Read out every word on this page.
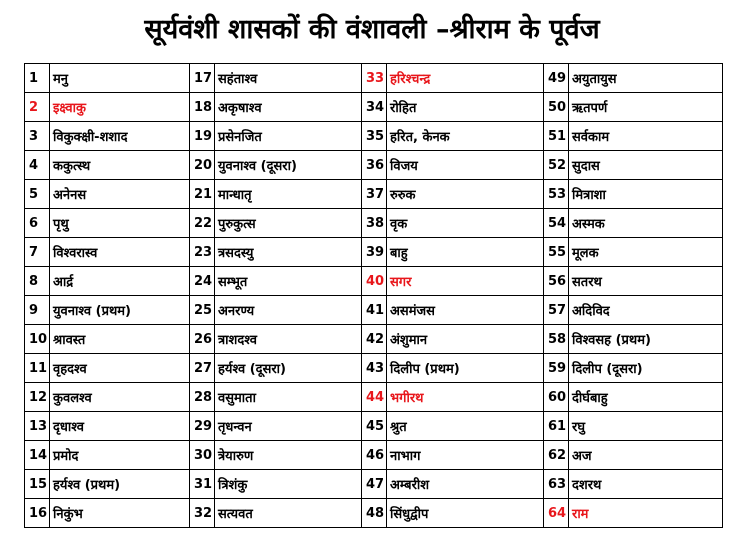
सूर्यवंशी शासकों की वंशावली –श्रीराम के पूर्वज
1	मनु	17	सहंताश्व	33	हरिश्चन्द्र	49	अयुतायुस
2	इक्ष्वाकु	18	अकृषाश्व	34	रोहित	50	ऋतपर्ण
3	विकुक्क्षी-शशाद	19	प्रसेनजित	35	हरित, केनक	51	सर्वकाम
4	ककुत्स्थ	20	युवनाश्व (दूसरा)	36	विजय	52	सुदास
5	अनेनस	21	मान्धातृ	37	रुरुक	53	मित्राशा
6	पृथु	22	पुरुकुत्स	38	वृक	54	अस्मक
7	विश्वरास्व	23	त्रसदस्यु	39	बाहु	55	मूलक
8	आर्द्र	24	सम्भूत	40	सगर	56	सतरथ
9	युवनाश्व (प्रथम)	25	अनरण्य	41	असमंजस	57	अदिविद
10	श्रावस्त	26	त्राशदश्व	42	अंशुमान	58	विश्वसह (प्रथम)
11	वृहदश्व	27	हर्यश्व (दूसरा)	43	दिलीप (प्रथम)	59	दिलीप (दूसरा)
12	कुवलश्व	28	वसुमाता	44	भगीरथ	60	दीर्घबाहु
13	दृधाश्व	29	तृधन्वन	45	श्रुत	61	रघु
14	प्रमोद	30	त्रेयारुण	46	नाभाग	62	अज
15	हर्यश्व (प्रथम)	31	त्रिशंकु	47	अम्बरीश	63	दशरथ
16	निकुंभ	32	सत्यवत	48	सिंधुद्वीप	64	राम
